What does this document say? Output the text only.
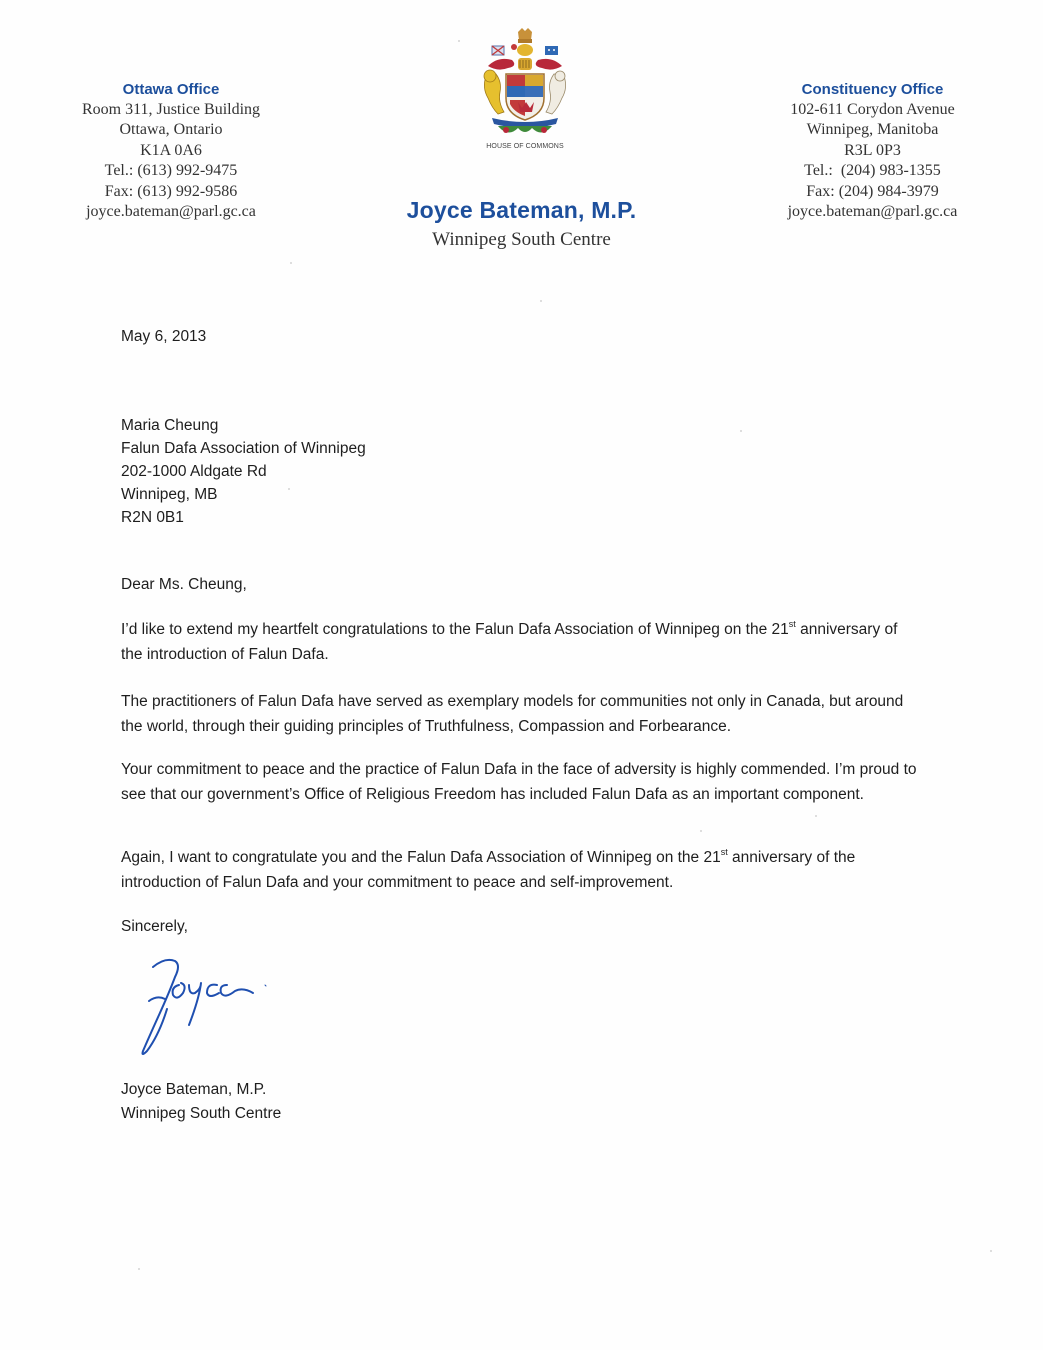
Ottawa Office
Room 311, Justice Building
Ottawa, Ontario
K1A 0A6
Tel.: (613) 992-9475
Fax: (613) 992-9586
joyce.bateman@parl.gc.ca
HOUSE OF COMMONS
Constituency Office
102-611 Corydon Avenue
Winnipeg, Manitoba
R3L 0P3
Tel.:  (204) 983-1355
Fax: (204) 984-3979
joyce.bateman@parl.gc.ca
Joyce Bateman, M.P.
Winnipeg South Centre
May 6, 2013
Maria Cheung
Falun Dafa Association of Winnipeg
202-1000 Aldgate Rd
Winnipeg, MB
R2N 0B1
Dear Ms. Cheung,
I’d like to extend my heartfelt congratulations to the Falun Dafa Association of Winnipeg on the 21st anniversary of the introduction of Falun Dafa.
The practitioners of Falun Dafa have served as exemplary models for communities not only in Canada, but around the world, through their guiding principles of Truthfulness, Compassion and Forbearance.
Your commitment to peace and the practice of Falun Dafa in the face of adversity is highly commended. I’m proud to see that our government’s Office of Religious Freedom has included Falun Dafa as an important component.
Again, I want to congratulate you and the Falun Dafa Association of Winnipeg on the 21st anniversary of the introduction of Falun Dafa and your commitment to peace and self-improvement.
Sincerely,
Joyce Bateman, M.P.
Winnipeg South Centre
